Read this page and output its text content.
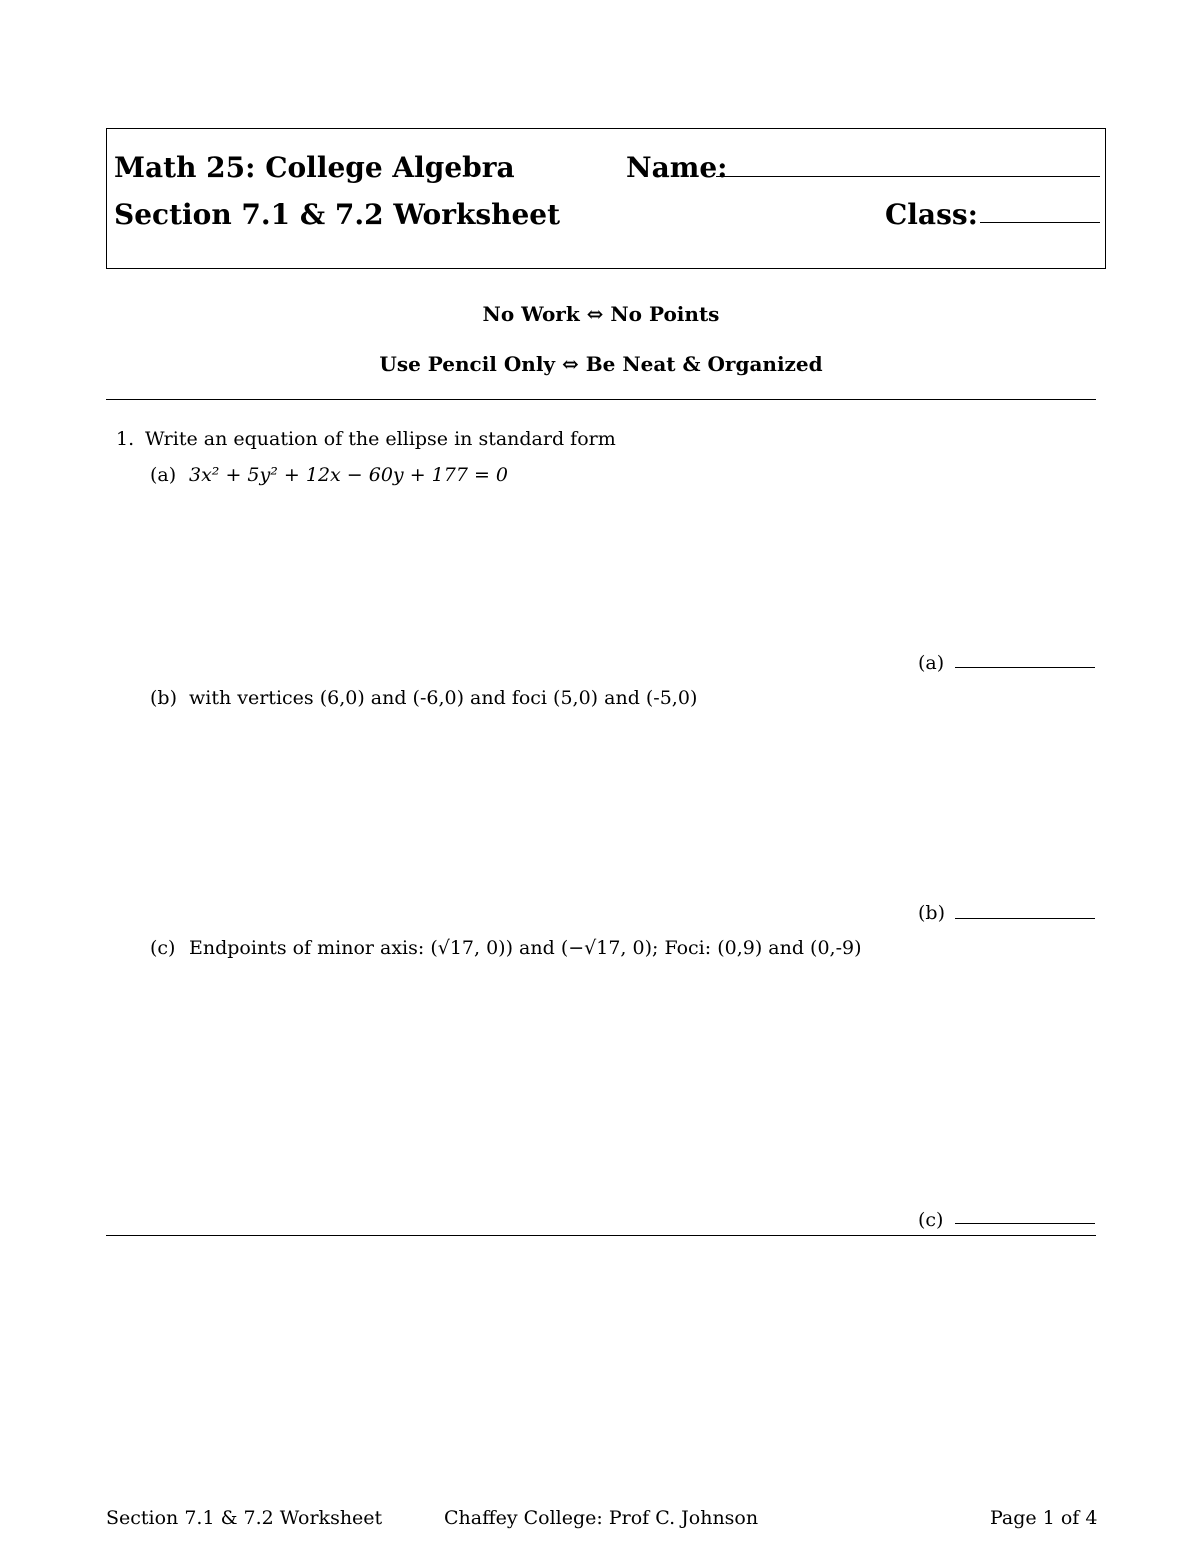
Math 25: College Algebra
Section 7.1 & 7.2 Worksheet
Name:
Class:
No Work ⇔ No Points
Use Pencil Only ⇔ Be Neat & Organized
1. Write an equation of the ellipse in standard form
(a) 3x² + 5y² + 12x − 60y + 177 = 0
(a)
(b) with vertices (6,0) and (-6,0) and foci (5,0) and (-5,0)
(b)
(c) Endpoints of minor axis: (√17, 0)) and (−√17, 0); Foci: (0,9) and (0,-9)
(c)
Section 7.1 & 7.2 Worksheet	Chaffey College: Prof C. Johnson	Page 1 of 4
